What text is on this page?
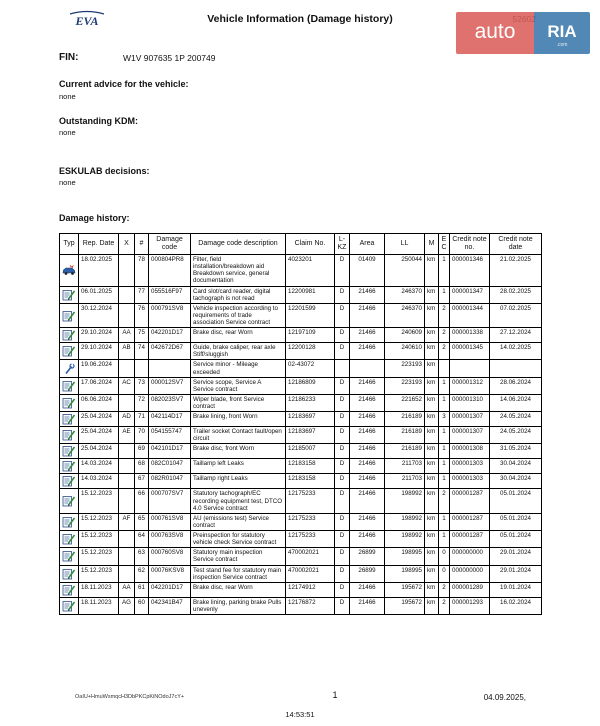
EVA	Vehicle Information (Damage history)
auto	RIA
.com
FIN:	W1V 907635 1P 200749
Current advice for the vehicle:
none
Outstanding KDM:
none
ESKULAB decisions:
none
Damage history:
Typ	Rep. Date	X	#	Damage code	Damage code description	Claim No.	L-KZ	Area	LL	M	E C	Credit note no.	Credit note date

	18.02.2025		78	000804PR8	Filter, field installation/breakdown aid Breakdown service, general documentation	4023201	D	01409	250044	km	1	000001346	21.02.2025

	06.01.2025		77	055516F97	Card slot/card reader, digital tachograph is not read	12200981	D	21466	246370	km	1	000001347	28.02.2025

	30.12.2024		76	000791SV8	Vehicle inspection according to requirements of trade association Service contract	12201599	D	21466	246370	km	2	000001344	07.02.2025

	29.10.2024	AA	75	042201D17	Brake disc, rear Worn	12197109	D	21466	240609	km	2	000001338	27.12.2024

	29.10.2024	AB	74	042672D67	Guide, brake caliper, rear axle Stiff/sluggish	12200128	D	21466	240610	km	2	000001345	14.02.2025

	19.06.2024				Service minor - Mileage exceeded	02-43072			223193	km			

	17.06.2024	AC	73	000012SV7	Service scope, Service A Service contract	12186809	D	21466	223193	km	1	000001312	28.06.2024

	06.06.2024		72	082023SV7	Wiper blade, front Service contract	12186233	D	21466	221652	km	1	000001310	14.06.2024

	25.04.2024	AD	71	042114D17	Brake lining, front Worn	12183697	D	21466	216189	km	3	000001307	24.05.2024

	25.04.2024	AE	70	054155747	Trailer socket Contact fault/open circuit	12183697	D	21466	216189	km	1	000001307	24.05.2024

	25.04.2024		69	042101D17	Brake disc, front Worn	12185007	D	21466	216189	km	1	000001308	31.05.2024

	14.03.2024		68	082C01047	Taillamp left Leaks	12183158	D	21466	211703	km	1	000001303	30.04.2024

	14.03.2024		67	082R01047	Taillamp right Leaks	12183158	D	21466	211703	km	1	000001303	30.04.2024

	15.12.2023		66	000707SV7	Statutory tachograph/EC recording equipment test, DTCO 4.0 Service contract	12175233	D	21466	198992	km	2	000001287	05.01.2024

	15.12.2023	AF	65	000761SV8	AU (emissions test) Service contract	12175233	D	21466	198992	km	1	000001287	05.01.2024

	15.12.2023		64	000763SV8	Preinspection for statutory vehicle check Service contract	12175233	D	21466	198992	km	1	000001287	05.01.2024

	15.12.2023		63	000760SV8	Statutory main inspection Service contract	470002021	D	26899	198995	km	0	000000000	29.01.2024

	15.12.2023		62	00076KSV8	Test stand fee for statutory main inspection Service contract	470002021	D	26899	198995	km	0	000000000	29.01.2024

	18.11.2023	AA	61	042201D17	Brake disc, rear Worn	12174912	D	21466	195672	km	2	000001289	19.01.2024

	18.11.2023	AG	60	042341B47	Brake lining, parking brake Pulls unevenly	12176872	D	21466	195672	km	2	000001293	16.02.2024
OaIU+HmuWsmqcH3DbPKCpKiNOdoJ7cY+	1	04.09.2025,
14:53:51
